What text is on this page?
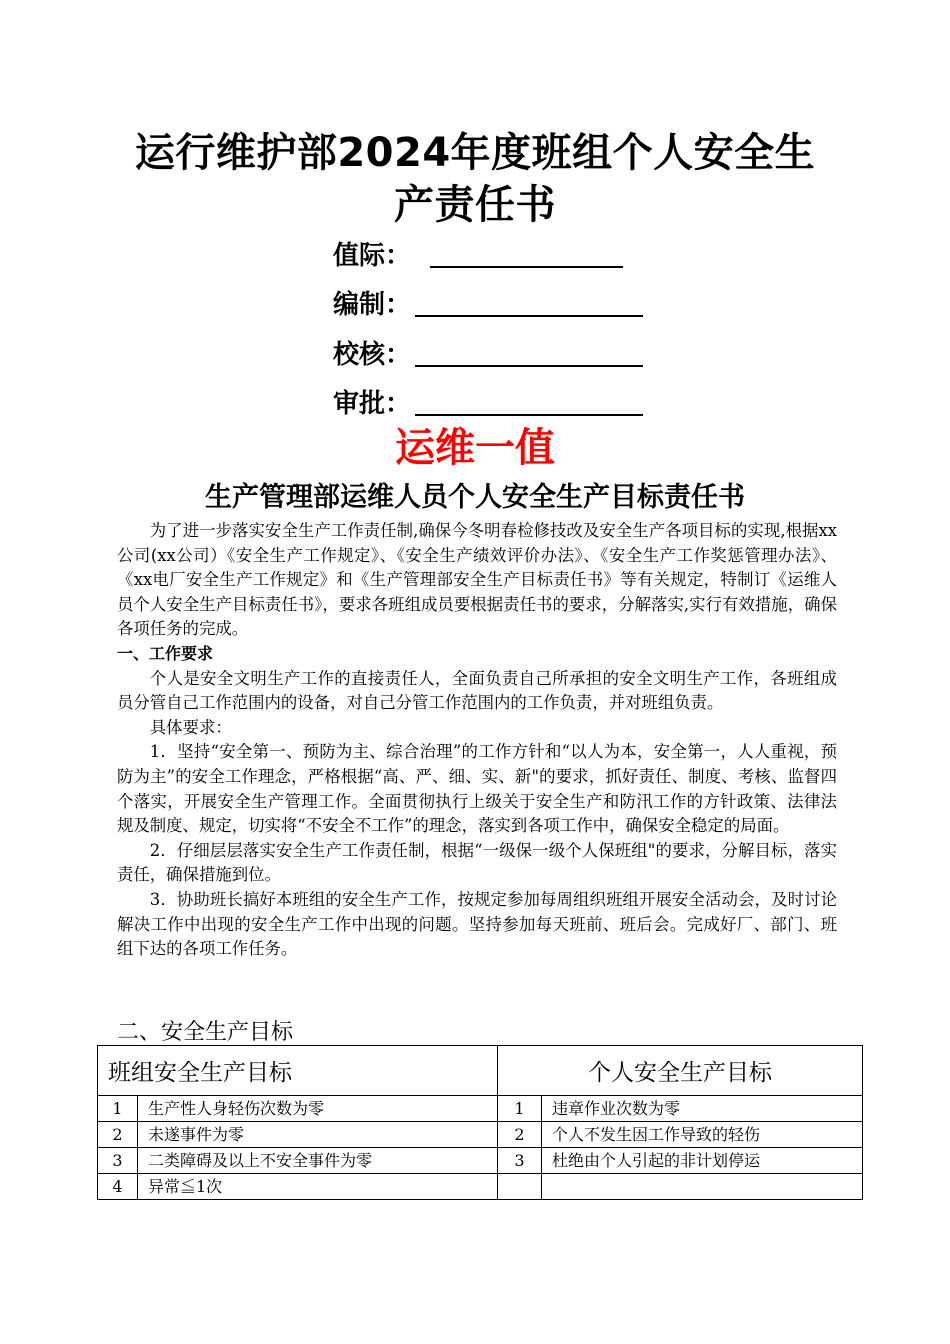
运行维护部2024年度班组个人安全生
产责任书
值际：
编制：
校核：
审批：
运维一值
生产管理部运维人员个人安全生产目标责任书

为了进一步落实安全生产工作责任制,确保今冬明春检修技改及安全生产各项目标的实现,根据xx公司(xx公司）《安全生产工作规定》、《安全生产绩效评价办法》、《安全生产工作奖惩管理办法》、《xx电厂安全生产工作规定》和《生产管理部安全生产目标责任书》等有关规定，特制订《运维人员个人安全生产目标责任书》，要求各班组成员要根据责任书的要求，分解落实,实行有效措施，确保各项任务的完成。

一、工作要求

个人是安全文明生产工作的直接责任人，全面负责自己所承担的安全文明生产工作，各班组成员分管自己工作范围内的设备，对自己分管工作范围内的工作负责，并对班组负责。

具体要求：

1．坚持“安全第一、预防为主、综合治理”的工作方针和“以人为本，安全第一，人人重视，预防为主”的安全工作理念，严格根据“高、严、细、实、新"的要求，抓好责任、制度、考核、监督四个落实，开展安全生产管理工作。全面贯彻执行上级关于安全生产和防汛工作的方针政策、法律法规及制度、规定，切实将“不安全不工作”的理念，落实到各项工作中，确保安全稳定的局面。

2．仔细层层落实安全生产工作责任制，根据“一级保一级个人保班组"的要求，分解目标，落实责任，确保措施到位。

3．协助班长搞好本班组的安全生产工作，按规定参加每周组织班组开展安全活动会，及时讨论解决工作中出现的安全生产工作中出现的问题。坚持参加每天班前、班后会。完成好厂、部门、班组下达的各项工作任务。

二、安全生产目标
班组安全生产目标		个人安全生产目标	
1	生产性人身轻伤次数为零	1	违章作业次数为零
2	未遂事件为零	2	个人不发生因工作导致的轻伤
3	二类障碍及以上不安全事件为零	3	杜绝由个人引起的非计划停运
4	异常≦1次		
